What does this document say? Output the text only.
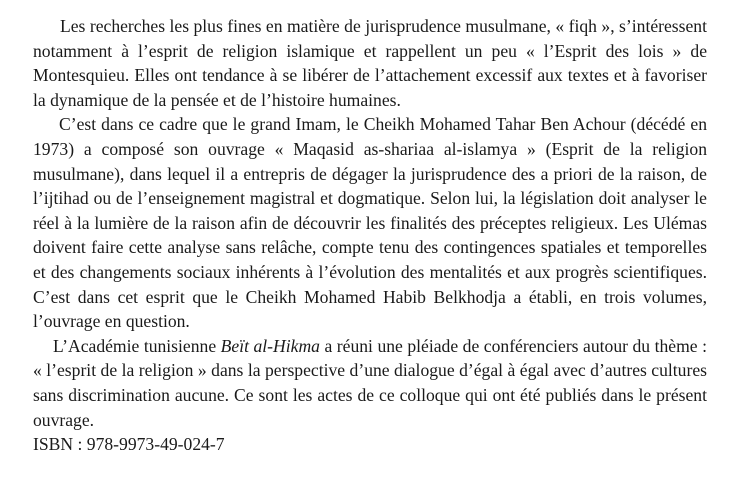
Les recherches les plus fines en matière de jurisprudence musulmane, « fiqh », s’intéressent notamment à l’esprit de religion islamique et rappellent un peu « l’Esprit des lois » de Montesquieu. Elles ont tendance à se libérer de l’attachement excessif aux textes et à favoriser la dynamique de la pensée et de l’histoire humaines.

C’est dans ce cadre que le grand Imam, le Cheikh Mohamed Tahar Ben Achour (décédé en 1973) a composé son ouvrage « Maqasid as-shariaa al-islamya » (Esprit de la religion musulmane), dans lequel il a entrepris de dégager la jurisprudence des a priori de la raison, de l’ijtihad ou de l’enseignement magistral et dogmatique. Selon lui, la législation doit analyser le réel à la lumière de la raison afin de découvrir les finalités des préceptes religieux. Les Ulémas doivent faire cette analyse sans relâche, compte tenu des contingences spatiales et temporelles et des changements sociaux inhérents à l’évolution des mentalités et aux progrès scientifiques. C’est dans cet esprit que le Cheikh Mohamed Habib Belkhodja a établi, en trois volumes, l’ouvrage en question.

L’Académie tunisienne Beït al-Hikma a réuni une pléiade de conférenciers autour du thème : « l’esprit de la religion » dans la perspective d’une dialogue d’égal à égal avec d’autres cultures sans discrimination aucune. Ce sont les actes de ce colloque qui ont été publiés dans le présent ouvrage.

ISBN : 978-9973-49-024-7
